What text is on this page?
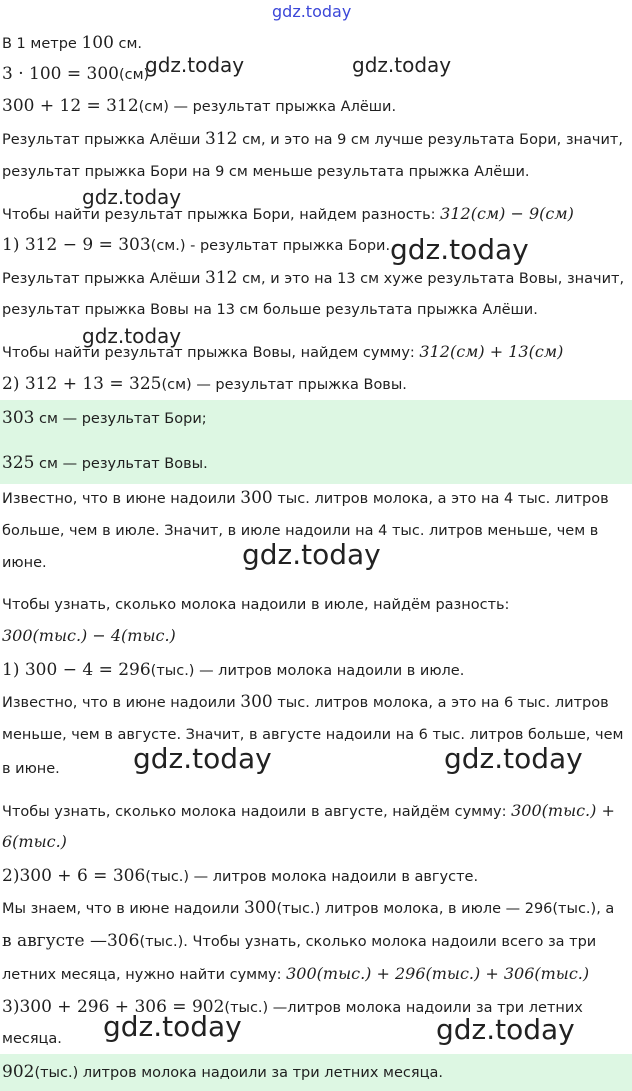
gdz.today
gdz.today	gdz.today
gdz.today
gdz.today
gdz.today
gdz.today
gdz.today	gdz.today
gdz.today	gdz.today
В 1 метре 100 см.
3 · 100 = 300(см)
300 + 12 = 312(см) — результат прыжка Алёши.
Результат прыжка Алёши 312 см, и это на 9 см лучше результата Бори, значит,
результат прыжка Бори на 9 см меньше результата прыжка Алёши.
Чтобы найти результат прыжка Бори, найдем разность: 312(см) − 9(см)
1) 312 − 9 = 303(см.) - результат прыжка Бори.
Результат прыжка Алёши 312 см, и это на 13 см хуже результата Вовы, значит,
результат прыжка Вовы на 13 см больше результата прыжка Алёши.
Чтобы найти результат прыжка Вовы, найдем сумму: 312(см) + 13(см)
2) 312 + 13 = 325(см) — результат прыжка Вовы.
303 см — результат Бори;
325 см — результат Вовы.
Известно, что в июне надоили 300 тыс. литров молока, а это на 4 тыс. литров
больше, чем в июле. Значит, в июле надоили на 4 тыс. литров меньше, чем в
июне.
Чтобы узнать, сколько молока надоили в июле, найдём разность:
300(тыс.) − 4(тыс.)
1) 300 − 4 = 296(тыс.) — литров молока надоили в июле.
Известно, что в июне надоили 300 тыс. литров молока, а это на 6 тыс. литров
меньше, чем в августе. Значит, в августе надоили на 6 тыс. литров больше, чем
в июне.
Чтобы узнать, сколько молока надоили в августе, найдём сумму: 300(тыс.) +
6(тыс.)
2)300 + 6 = 306(тыс.) — литров молока надоили в августе.
Мы знаем, что в июне надоили 300(тыс.) литров молока, в июле — 296(тыс.), а
в августе —306(тыс.). Чтобы узнать, сколько молока надоили всего за три
летних месяца, нужно найти сумму: 300(тыс.) + 296(тыс.) + 306(тыс.)
3)300 + 296 + 306 = 902(тыс.) —литров молока надоили за три летних
месяца.
902(тыс.) литров молока надоили за три летних месяца.
